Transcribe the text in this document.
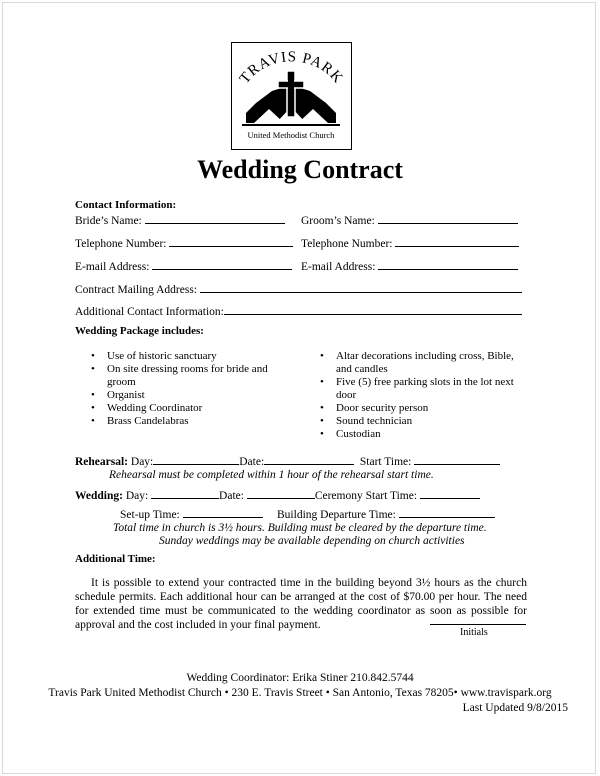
TRAVIS PARK
United Methodist Church
Wedding Contract
Contact Information:
Bride’s Name:	Groom’s Name:
Telephone Number:	Telephone Number:
E-mail Address:	E-mail Address:
Contract Mailing Address:
Additional Contact Information:
Wedding Package includes:
• Use of historic sanctuary
• On site dressing rooms for bride and groom
• Organist
• Wedding Coordinator
• Brass Candelabras
• Altar decorations including cross, Bible, and candles
• Five (5) free parking slots in the lot next door
• Door security person
• Sound technician
• Custodian
Rehearsal: Day:	Date:	Start Time:
Rehearsal must be completed within 1 hour of the rehearsal start time.
Wedding: Day:	Date:	Ceremony Start Time:
Set-up Time:	Building Departure Time:
Total time in church is 3½ hours. Building must be cleared by the departure time.
Sunday weddings may be available depending on church activities
Additional Time:
It is possible to extend your contracted time in the building beyond 3½ hours as the church schedule permits. Each additional hour can be arranged at the cost of $70.00 per hour. The need for extended time must be communicated to the wedding coordinator as soon as possible for approval and the cost included in your final payment.
Initials
Wedding Coordinator: Erika Stiner 210.842.5744
Travis Park United Methodist Church • 230 E. Travis Street • San Antonio, Texas 78205• www.travispark.org
Last Updated 9/8/2015
